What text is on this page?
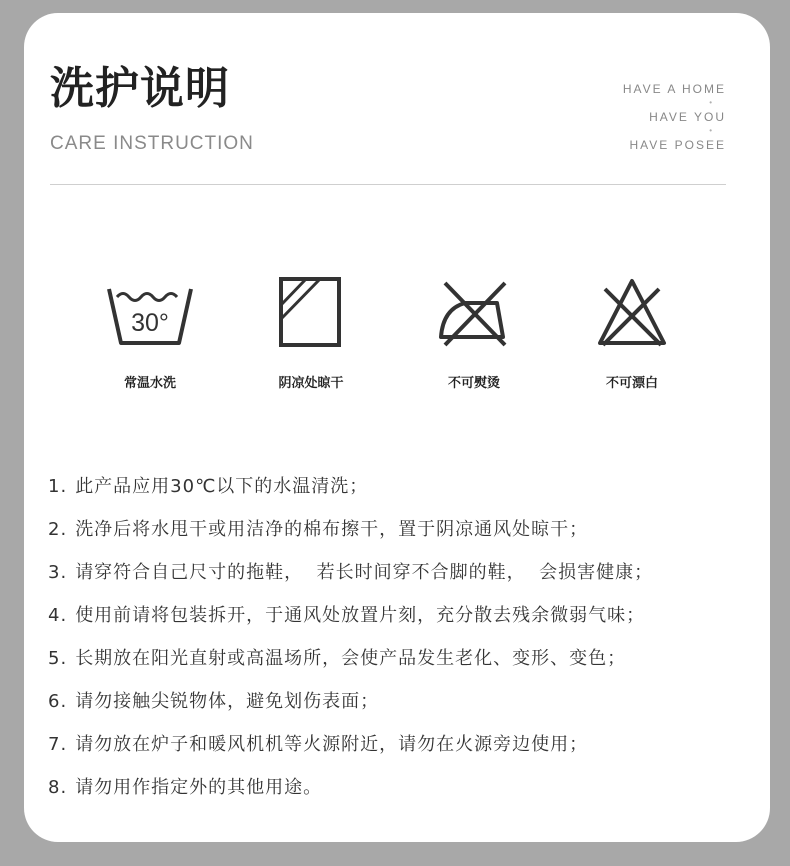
洗护说明
CARE INSTRUCTION
HAVE A HOME
•
HAVE YOU
•
HAVE POSEE
30°
常温水洗	阴凉处晾干	不可熨烫	不可漂白
1. 此产品应用30℃以下的水温清洗；
2. 洗净后将水甩干或用洁净的棉布擦干，置于阴凉通风处晾干；
3. 请穿符合自己尺寸的拖鞋，  若长时间穿不合脚的鞋，  会损害健康；
4. 使用前请将包装拆开，于通风处放置片刻，充分散去残余微弱气味；
5. 长期放在阳光直射或高温场所，会使产品发生老化、变形、变色；
6. 请勿接触尖锐物体，避免划伤表面；
7. 请勿放在炉子和暖风机机等火源附近，请勿在火源旁边使用；
8. 请勿用作指定外的其他用途。
